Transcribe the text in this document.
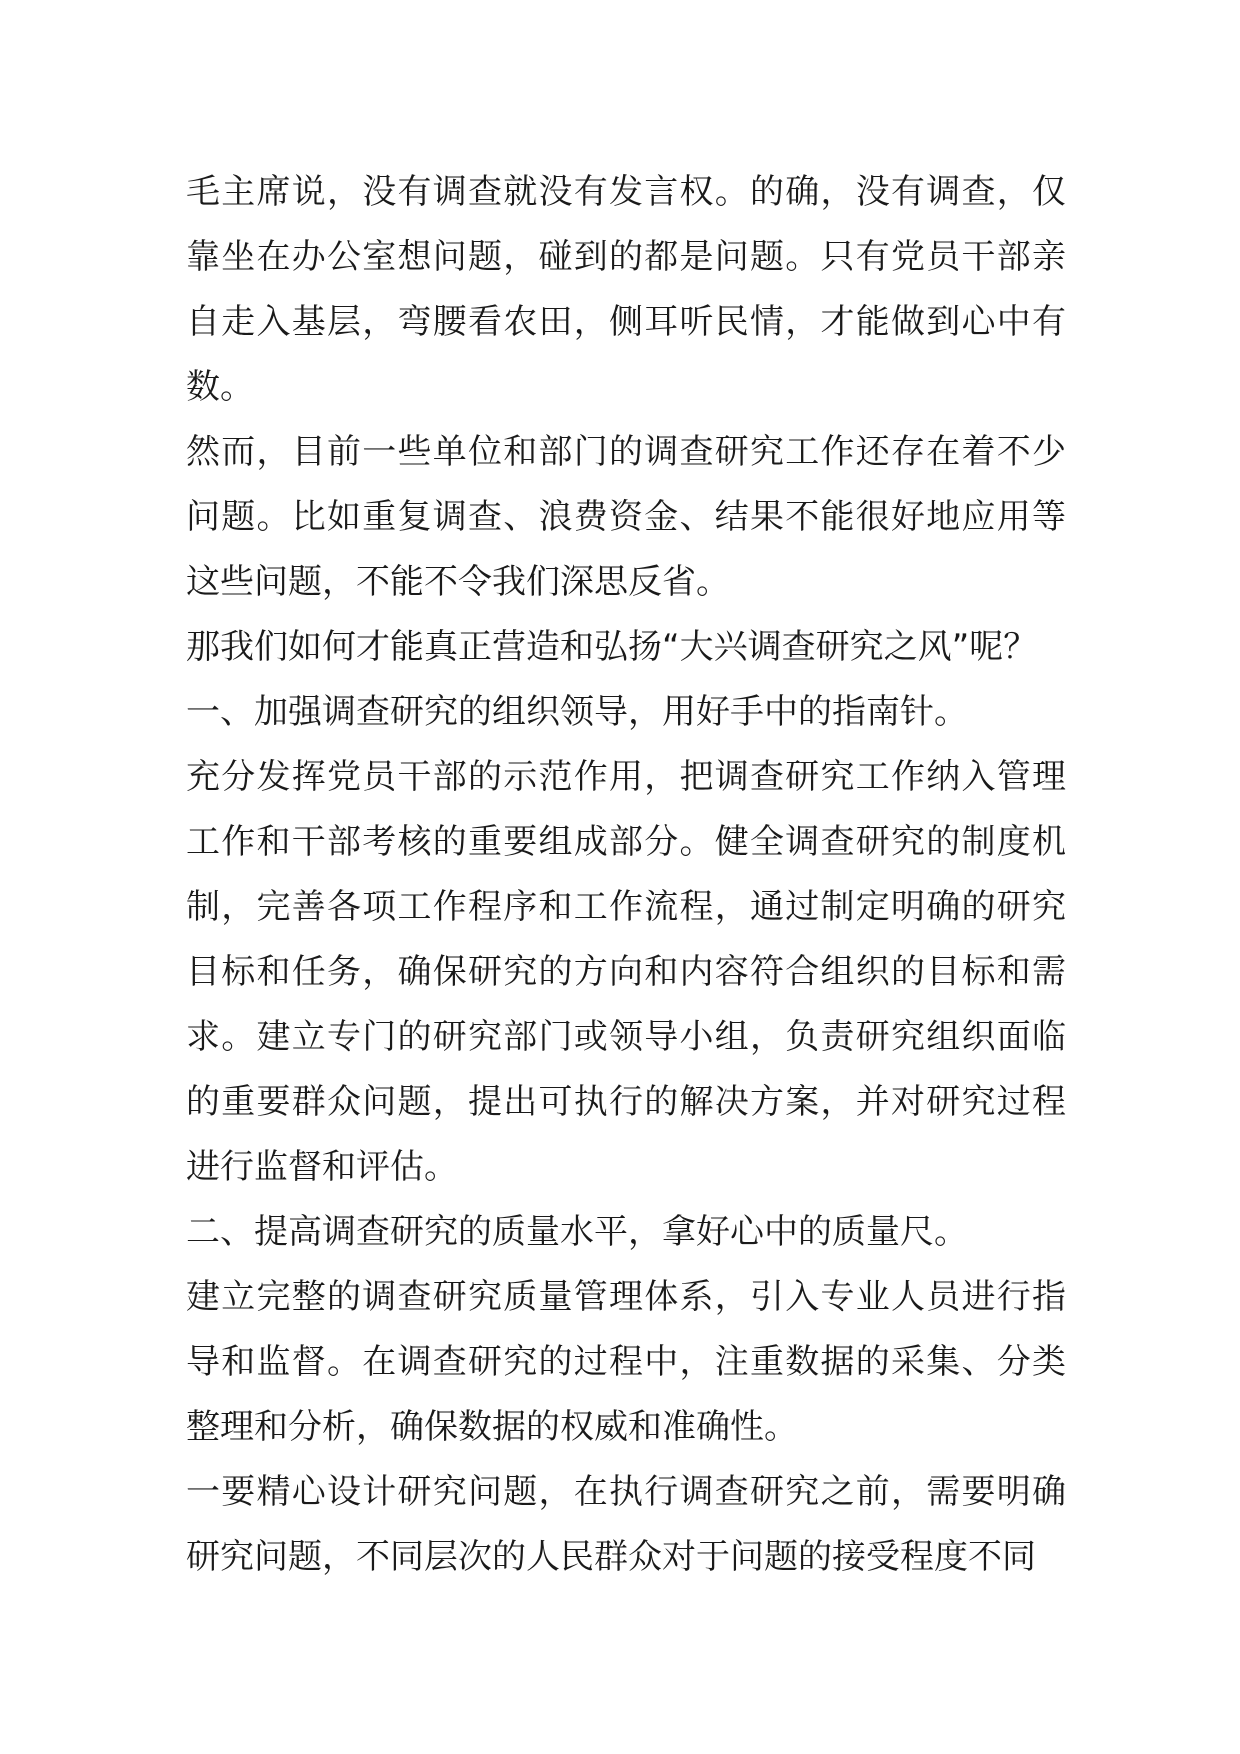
毛主席说，没有调查就没有发言权。的确，没有调查，仅靠坐在办公室想问题，碰到的都是问题。只有党员干部亲自走入基层，弯腰看农田，侧耳听民情，才能做到心中有数。

然而，目前一些单位和部门的调查研究工作还存在着不少问题。比如重复调查、浪费资金、结果不能很好地应用等这些问题，不能不令我们深思反省。

那我们如何才能真正营造和弘扬“大兴调查研究之风”呢？

一、加强调查研究的组织领导，用好手中的指南针。

充分发挥党员干部的示范作用，把调查研究工作纳入管理工作和干部考核的重要组成部分。健全调查研究的制度机制，完善各项工作程序和工作流程，通过制定明确的研究目标和任务，确保研究的方向和内容符合组织的目标和需求。建立专门的研究部门或领导小组，负责研究组织面临的重要群众问题，提出可执行的解决方案，并对研究过程进行监督和评估。

二、提高调查研究的质量水平，拿好心中的质量尺。

建立完整的调查研究质量管理体系，引入专业人员进行指导和监督。在调查研究的过程中，注重数据的采集、分类整理和分析，确保数据的权威和准确性。

一要精心设计研究问题，在执行调查研究之前，需要明确研究问题，不同层次的人民群众对于问题的接受程度不同
